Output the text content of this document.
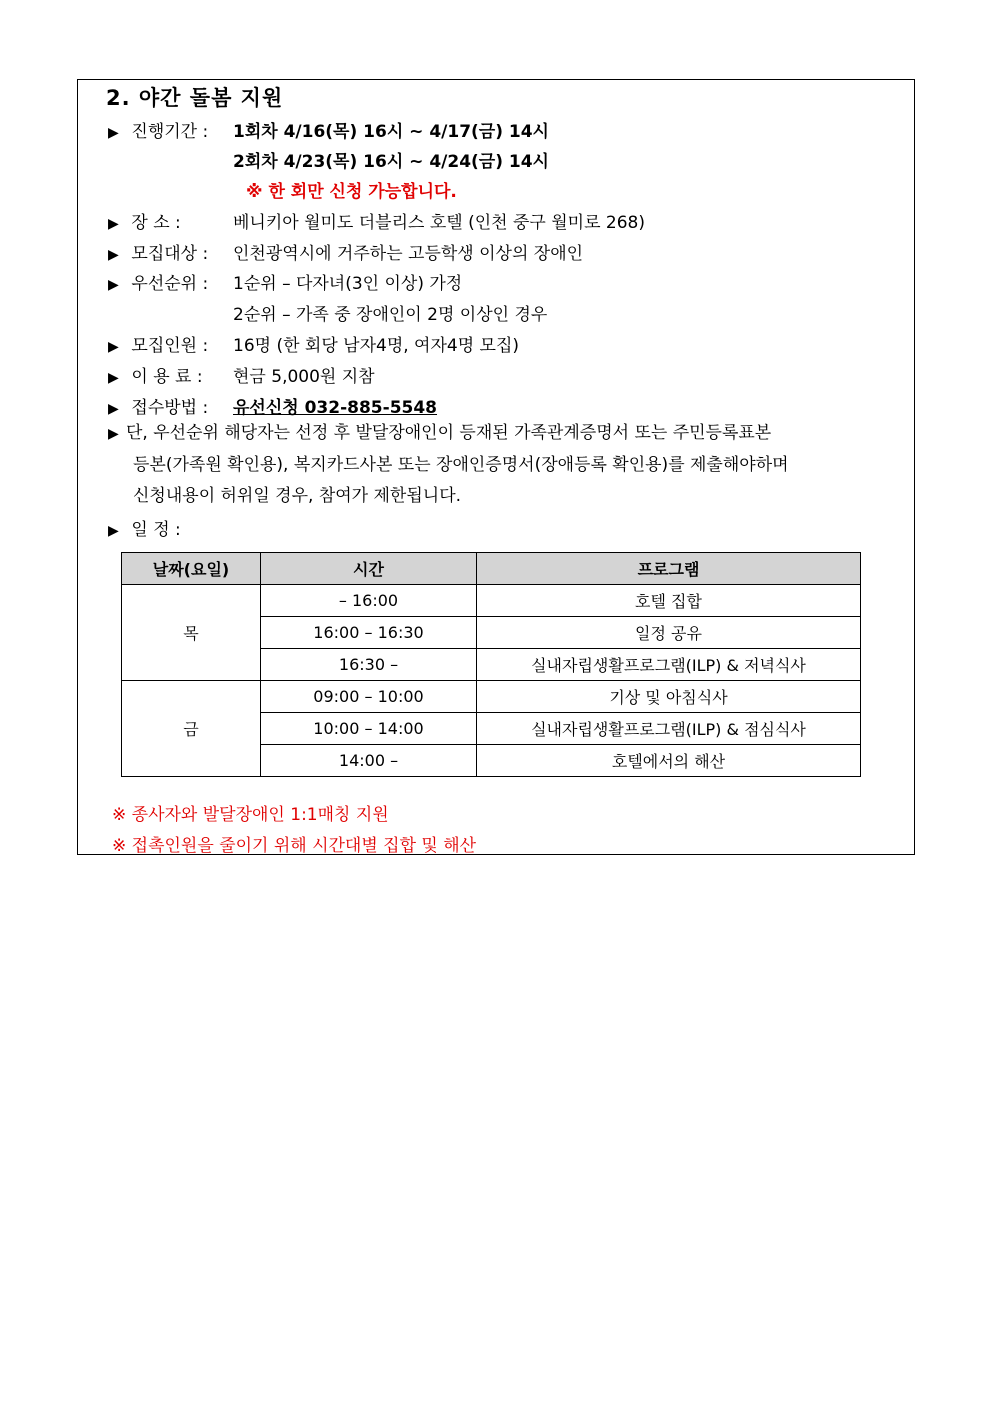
2. 야간 돌봄 지원
▶ 진행기간 : 1회차 4/16(목) 16시 ~ 4/17(금) 14시
2회차 4/23(목) 16시 ~ 4/24(금) 14시
※ 한 회만 신청 가능합니다.
▶ 장 소 :	베니키아 월미도 더블리스 호텔 (인천 중구 월미로 268)
▶ 모집대상 : 인천광역시에 거주하는 고등학생 이상의 장애인
▶ 우선순위 : 1순위 – 다자녀(3인 이상) 가정
2순위 – 가족 중 장애인이 2명 이상인 경우
▶ 모집인원 : 16명 (한 회당 남자4명, 여자4명 모집)
▶ 이 용 료 : 현금 5,000원 지참
▶ 접수방법 : 유선신청 032-885-5548
▶ 단, 우선순위 해당자는 선정 후 발달장애인이 등재된 가족관계증명서 또는 주민등록표본
등본(가족원 확인용), 복지카드사본 또는 장애인증명서(장애등록 확인용)를 제출해야하며
신청내용이 허위일 경우, 참여가 제한됩니다.
▶ 일 정 :
날짜(요일)	시간	프로그램
목	– 16:00	호텔 집합
	16:00 – 16:30	일정 공유
	16:30 –	실내자립생활프로그램(ILP) & 저녁식사
금	09:00 – 10:00	기상 및 아침식사
	10:00 – 14:00	실내자립생활프로그램(ILP) & 점심식사
	14:00 –	호텔에서의 해산
※ 종사자와 발달장애인 1:1매칭 지원
※ 접촉인원을 줄이기 위해 시간대별 집합 및 해산
